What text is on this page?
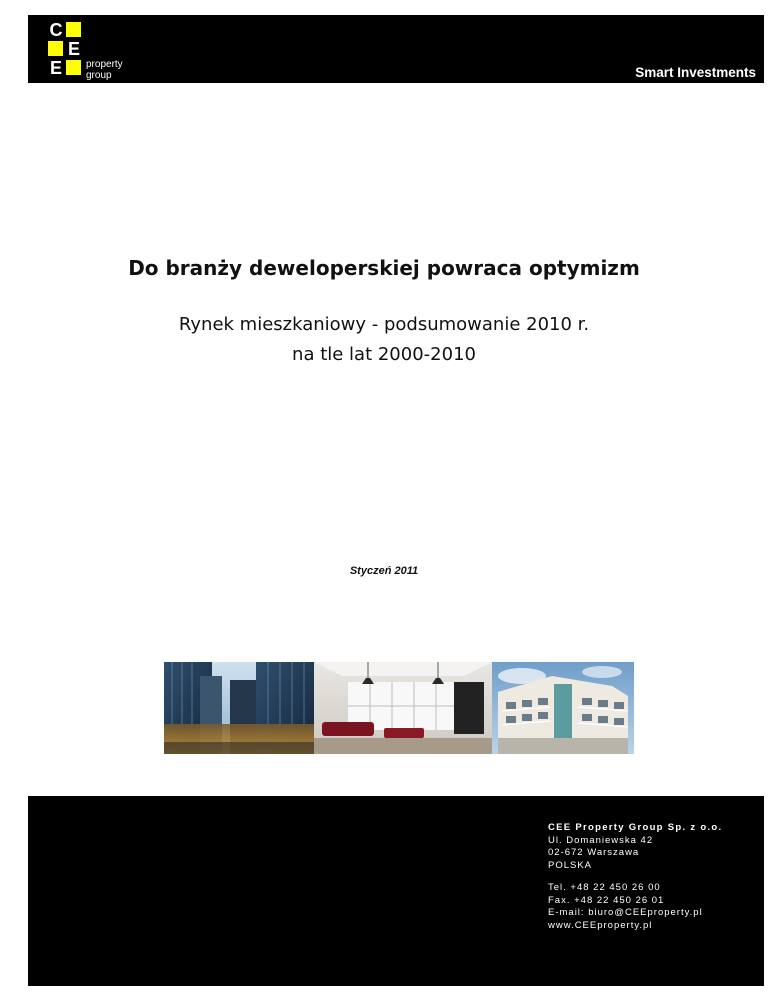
C
E
E property
group	Smart Investments
Do branży deweloperskiej powraca optymizm
Rynek mieszkaniowy - podsumowanie 2010 r.
na tle lat 2000-2010
Styczeń 2011
CEE Property Group Sp. z o.o.
Ul. Domaniewska 42
02-672 Warszawa
POLSKA
Tel. +48 22 450 26 00
Fax. +48 22 450 26 01
E-mail: biuro@CEEproperty.pl
www.CEEproperty.pl
